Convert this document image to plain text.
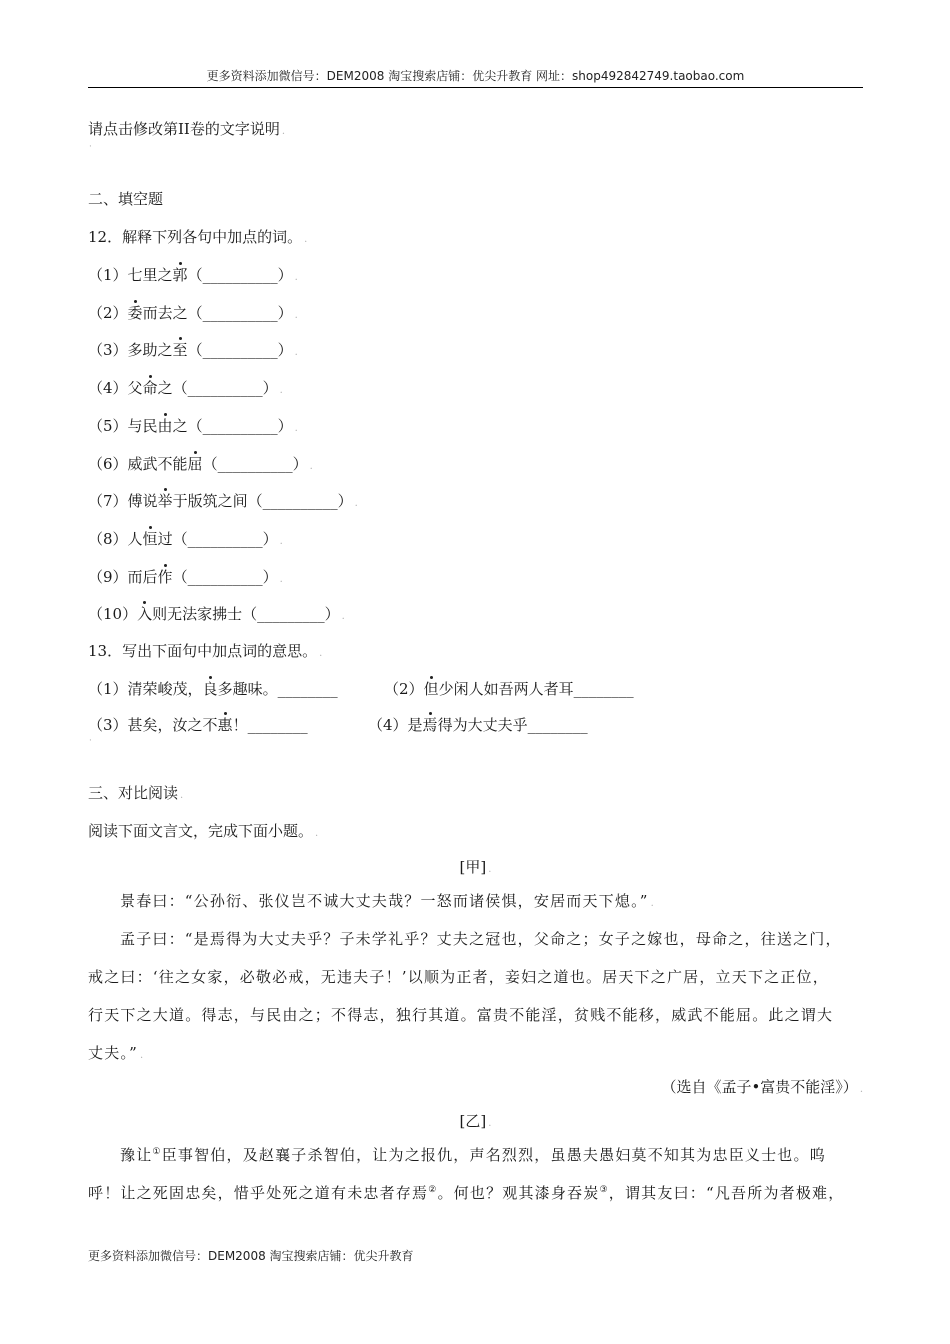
更多资料添加微信号：DEM2008 淘宝搜索店铺：优尖升教育 网址：shop492842749.taobao.com
请点击修改第II卷的文字说明 .
·
二、填空题
12．解释下列各句中加点的词。 .
（1）七里之郭（__________） .
（2）委而去之（__________） .
（3）多助之至（__________） .
（4）父命之（__________） .
（5）与民由之（__________） .
（6）威武不能屈（__________） .
（7）傅说举于版筑之间（__________） .
（8）人恒过（__________） .
（9）而后作（__________） .
（10）入则无法家拂士（_________） .
13．写出下面句中加点词的意思。 .
（1）清荣峻茂，良多趣味。________	（2）但少闲人如吾两人者耳________
（3）甚矣，汝之不惠！________	（4）是焉得为大丈夫乎________
·
三、对比阅读 .
阅读下面文言文，完成下面小题。 .
[甲] .
景春曰：“公孙衍、张仪岂不诚大丈夫哉？一怒而诸侯惧，安居而天下熄。” .
孟子曰：“是焉得为大丈夫乎？子未学礼乎？丈夫之冠也，父命之；女子之嫁也，母命之，往送之门，
戒之曰：‘往之女家，必敬必戒，无违夫子！’以顺为正者，妾妇之道也。居天下之广居，立天下之正位，
行天下之大道。得志，与民由之；不得志，独行其道。富贵不能淫，贫贱不能移，威武不能屈。此之谓大
丈夫。” .
（选自《孟子•富贵不能淫》） .
[乙] .
豫让①臣事智伯，及赵襄子杀智伯，让为之报仇，声名烈烈，虽愚夫愚妇莫不知其为忠臣义士也。呜
呼！让之死固忠矣，惜乎处死之道有未忠者存焉②。何也？观其漆身吞炭③，谓其友曰：“凡吾所为者极难，
更多资料添加微信号：DEM2008 淘宝搜索店铺：优尖升教育
